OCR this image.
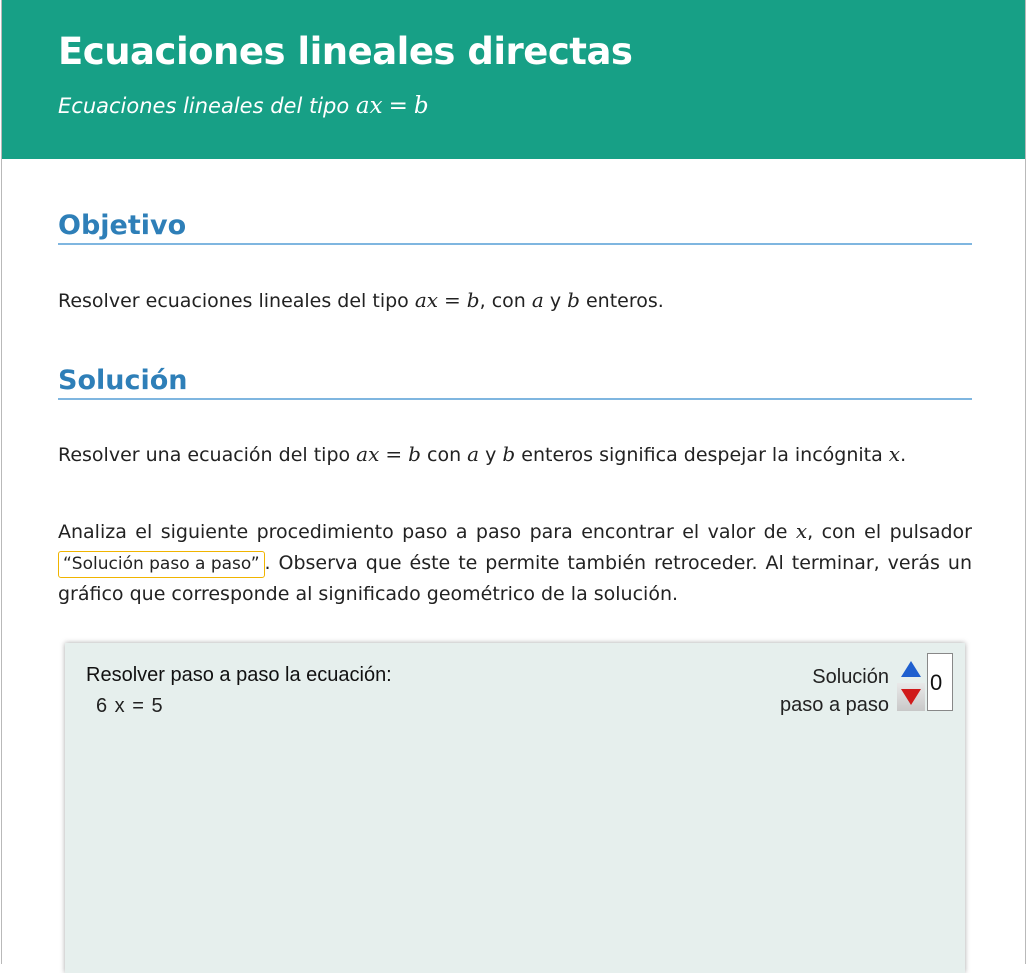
Ecuaciones lineales directas

Ecuaciones lineales del tipo ax = b

Objetivo

Resolver ecuaciones lineales del tipo ax = b, con a y b enteros.

Solución

Resolver una ecuación del tipo ax = b con a y b enteros significa despejar la incógnita x.

Analiza el siguiente procedimiento paso a paso para encontrar el valor de x, con el pulsador “Solución paso a paso” . Observa que éste te permite también retroceder. Al terminar, verás un gráfico que corresponde al significado geométrico de la solución.

Resolver paso a paso la ecuación:
6 x = 5
Solución
paso a paso
0
